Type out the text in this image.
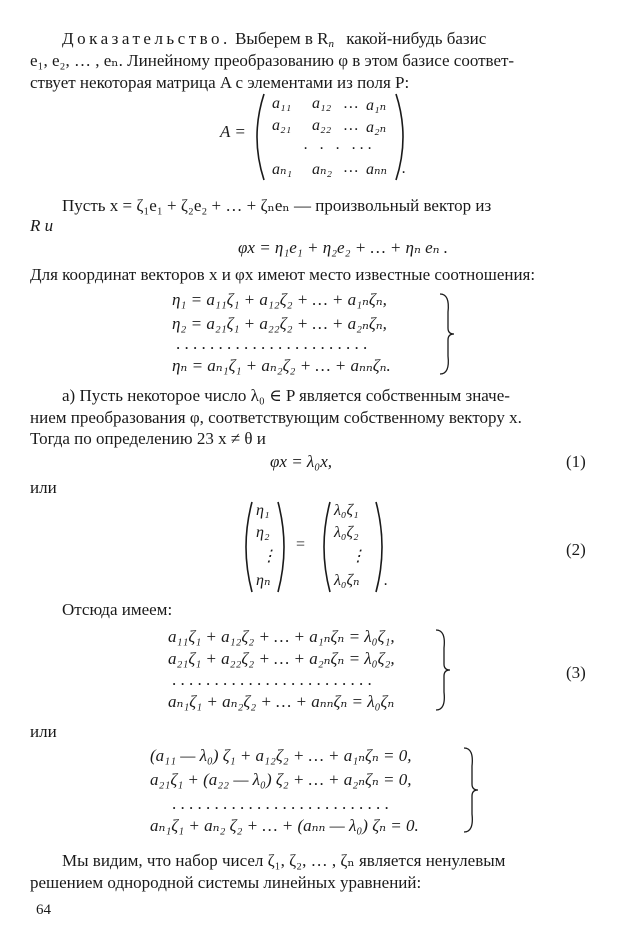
Доказательство. Выберем в $R_n$ какой-нибудь базис
e₁, e₂, … , eₙ. Линейному преобразованию φ в этом базисе соответ-
ствует некоторая матрица A с элементами из поля P:
A =
a₁₁ a₁₂ … a₁ₙ
a₂₁ a₂₂ … a₂ₙ
. . . . . .
aₙ₁ aₙ₂ … aₙₙ .
Пусть x = ζ₁e₁ + ζ₂e₂ + … + ζₙeₙ — произвольный вектор из
R и
φx = η₁e₁ + η₂e₂ + … + ηₙ eₙ .
Для координат векторов x и φx имеют место известные соотношения:
η₁ = a₁₁ζ₁ + a₁₂ζ₂ + … + a₁ₙζₙ,
η₂ = a₂₁ζ₁ + a₂₂ζ₂ + … + a₂ₙζₙ,
. . . . . . . . . . . . . . . . . . . . . . .
ηₙ = aₙ₁ζ₁ + aₙ₂ζ₂ + … + aₙₙζₙ.
а) Пусть некоторое число λ₀ ∈ P является собственным значе-
нием преобразования φ, соответствующим собственному вектору x.
Тогда по определению 23 x ≠ θ и
φx = λ₀x,	(1)
или
η₁
η₂
⋮
ηₙ
=
λ₀ζ₁
λ₀ζ₂
⋮
λ₀ζₙ .
(2)
Отсюда имеем:
a₁₁ζ₁ + a₁₂ζ₂ + … + a₁ₙζₙ = λ₀ζ₁,
a₂₁ζ₁ + a₂₂ζ₂ + … + a₂ₙζₙ = λ₀ζ₂,
. . . . . . . . . . . . . . . . . . . . . . . .
aₙ₁ζ₁ + aₙ₂ζ₂ + … + aₙₙζₙ = λ₀ζₙ
(3)
или
(a₁₁ — λ₀) ζ₁ + a₁₂ζ₂ + … + a₁ₙζₙ = 0,
a₂₁ζ₁ + (a₂₂ — λ₀) ζ₂ + … + a₂ₙζₙ = 0,
. . . . . . . . . . . . . . . . . . . . . . . . . .
aₙ₁ζ₁ + aₙ₂ ζ₂ + … + (aₙₙ — λ₀) ζₙ = 0.
Мы видим, что набор чисел ζ₁, ζ₂, … , ζₙ является ненулевым
решением однородной системы линейных уравнений:
64
